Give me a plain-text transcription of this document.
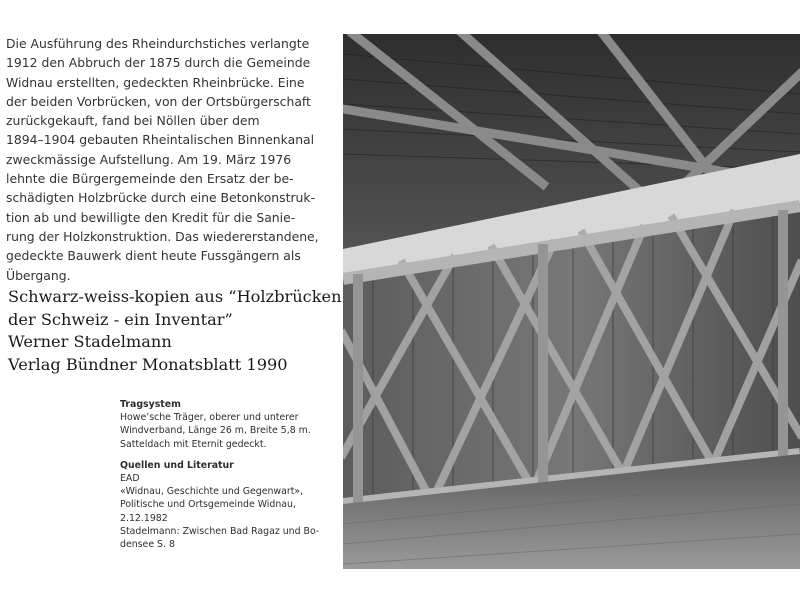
Die Ausführung des Rheindurchstiches verlangte
1912 den Abbruch der 1875 durch die Gemeinde
Widnau erstellten, gedeckten Rheinbrücke. Eine
der beiden Vorbrücken, von der Ortsbürgerschaft
zurückgekauft, fand bei Nöllen über dem
1894–1904 gebauten Rheintalischen Binnenkanal
zweckmässige Aufstellung. Am 19. März 1976
lehnte die Bürgergemeinde den Ersatz der be-
schädigten Holzbrücke durch eine Betonkonstruk-
tion ab und bewilligte den Kredit für die Sanie-
rung der Holzkonstruktion. Das wiedererstandene,
gedeckte Bauwerk dient heute Fussgängern als
Übergang.
Schwarz-weiss-kopien aus “Holzbrücken
der Schweiz - ein Inventar”
Werner Stadelmann
Verlag Bündner Monatsblatt 1990
Tragsystem
Howe’sche Träger, oberer und unterer
Windverband, Länge 26 m, Breite 5,8 m.
Satteldach mit Eternit gedeckt.
Quellen und Literatur
EAD
«Widnau, Geschichte und Gegenwart»,
Politische und Ortsgemeinde Widnau,
2.12.1982
Stadelmann: Zwischen Bad Ragaz und Bo-
densee S. 8
